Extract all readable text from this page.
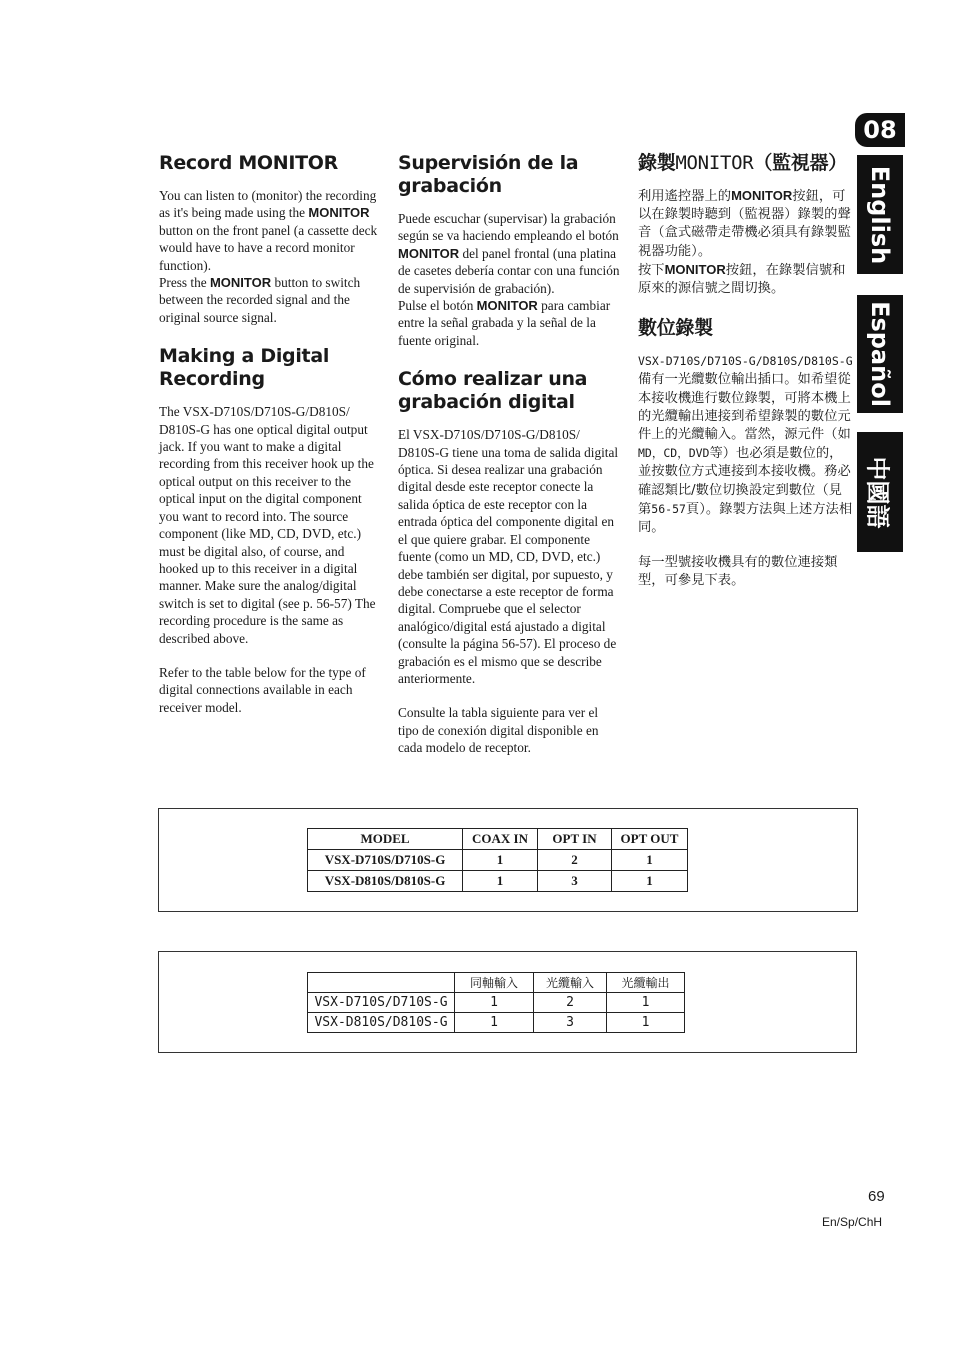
08
English
Español
中國語
Record MONITOR

You can listen to (monitor) the recording as it's being made using the MONITOR button on the front panel (a cassette deck would have to have a record monitor function).

Press the MONITOR button to switch between the recorded signal and the original source signal.

Making a Digital Recording

The VSX-D710S/D710S-G/D810S/ D810S-G has one optical digital output jack. If you want to make a digital recording from this receiver hook up the optical output on this receiver to the optical input on the digital component you want to record into. The source component (like MD, CD, DVD, etc.) must be digital also, of course, and hooked up to this receiver in a digital manner. Make sure the analog/digital switch is set to digital (see p. 56-57) The recording procedure is the same as described above.

Refer to the table below for the type of digital connections available in each receiver model.

Supervisión de la grabación

Puede escuchar (supervisar) la grabación según se va haciendo empleando el botón MONITOR del panel frontal (una platina de casetes debería contar con una función de supervisión de grabación).

Pulse el botón MONITOR para cambiar entre la señal grabada y la señal de la fuente original.

Cómo realizar una grabación digital

El VSX-D710S/D710S-G/D810S/ D810S-G tiene una toma de salida digital óptica. Si desea realizar una grabación digital desde este receptor conecte la salida óptica de este receptor con la entrada óptica del componente digital en el que quiere grabar. El componente fuente (como un MD, CD, DVD, etc.) debe también ser digital, por supuesto, y debe conectarse a este receptor de forma digital. Compruebe que el selector analógico/digital está ajustado a digital (consulte la página 56-57). El proceso de grabación es el mismo que se describe anteriormente.

Consulte la tabla siguiente para ver el tipo de conexión digital disponible en cada modelo de receptor.

錄製MONITOR（監視器）

利用遙控器上的MONITOR按鈕，可以在錄製時聽到（監視器）錄製的聲音（盒式磁帶走帶機必須具有錄製監視器功能）。

按下MONITOR按鈕，在錄製信號和原來的源信號之間切換。

數位錄製

VSX-D710S/D710S-G/D810S/D810S-G備有一光纜數位輸出插口。如希望從本接收機進行數位錄製，可將本機上的光纜輸出連接到希望錄製的數位元件上的光纜輸入。當然，源元件（如MD，CD，DVD等）也必須是數位的，並按數位方式連接到本接收機。務必確認類比/數位切換設定到數位（見第56-57頁）。錄製方法與上述方法相同。

每一型號接收機具有的數位連接類型，可參見下表。

MODEL	COAX IN	OPT IN	OPT OUT
VSX-D710S/D710S-G	1	2	1
VSX-D810S/D810S-G	1	3	1
	同軸輸入	光纜輸入	光纜輸出
VSX-D710S/D710S-G	1	2	1
VSX-D810S/D810S-G	1	3	1
69
En/Sp/ChH
